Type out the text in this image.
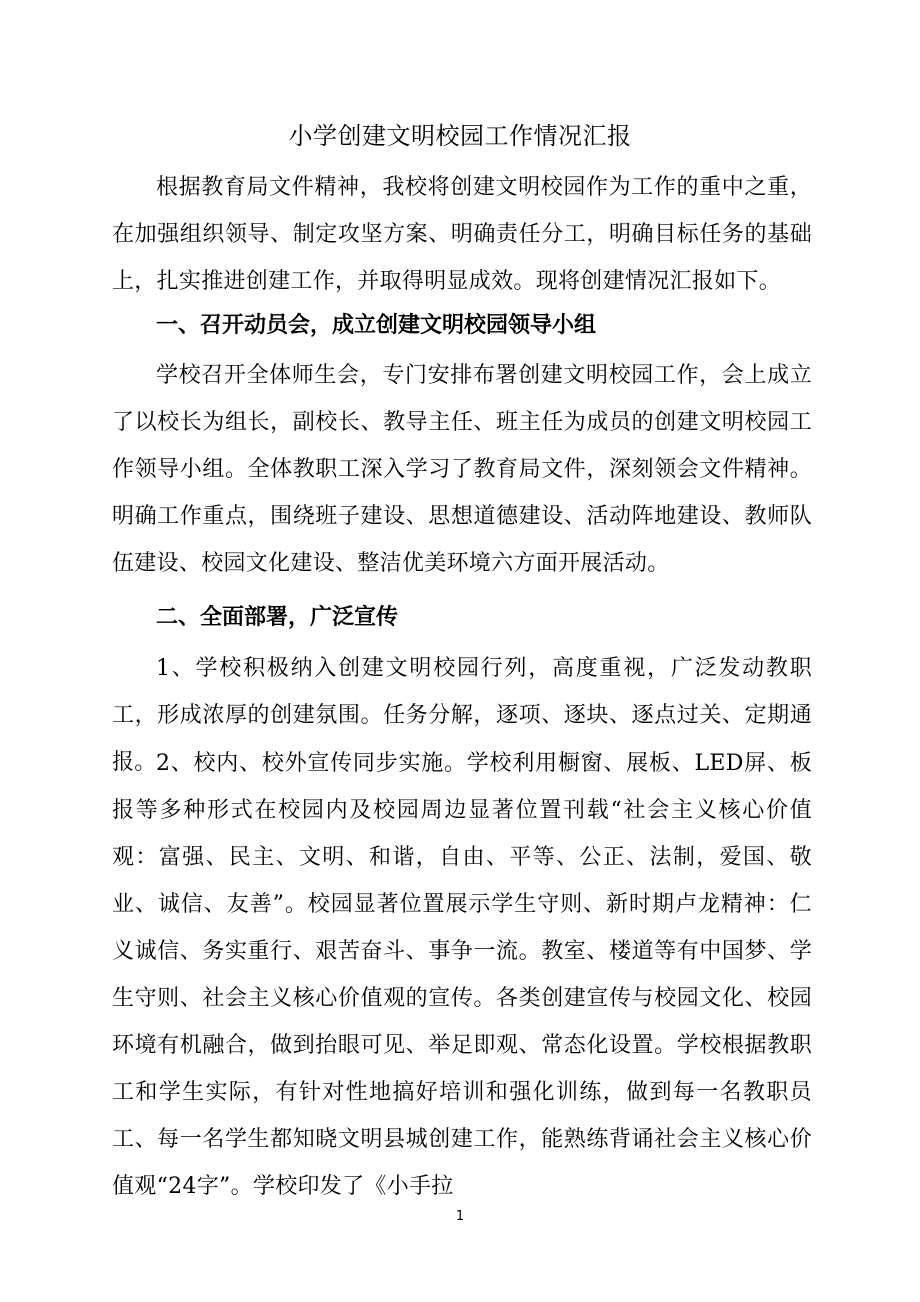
小学创建文明校园工作情况汇报

根据教育局文件精神，我校将创建文明校园作为工作的重中之重，在加强组织领导、制定攻坚方案、明确责任分工，明确目标任务的基础上，扎实推进创建工作，并取得明显成效。现将创建情况汇报如下。

一、召开动员会，成立创建文明校园领导小组

学校召开全体师生会，专门安排布署创建文明校园工作，会上成立了以校长为组长，副校长、教导主任、班主任为成员的创建文明校园工作领导小组。全体教职工深入学习了教育局文件，深刻领会文件精神。明确工作重点，围绕班子建设、思想道德建设、活动阵地建设、教师队伍建设、校园文化建设、整洁优美环境六方面开展活动。

二、全面部署，广泛宣传

1、学校积极纳入创建文明校园行列，高度重视，广泛发动教职工，形成浓厚的创建氛围。任务分解，逐项、逐块、逐点过关、定期通报。 2、校内、校外宣传同步实施。学校利用橱窗、展板、LED屏、板报等多种形式在校园内及校园周边显著位置刊载“社会主义核心价值观：富强、民主、文明、和谐，自由、平等、公正、法制，爱国、敬业、诚信、友善”。校园显著位置展示学生守则、新时期卢龙精神：仁义诚信、务实重行、艰苦奋斗、事争一流。教室、楼道等有中国梦、学生守则、社会主义核心价值观的宣传。各类创建宣传与校园文化、校园环境有机融合，做到抬眼可见、举足即观、常态化设置。学校根据教职工和学生实际，有针对性地搞好培训和强化训练，做到每一名教职员工、每一名学生都知晓文明县城创建工作，能熟练背诵社会主义核心价值观“24字”。学校印发了《小手拉

1
